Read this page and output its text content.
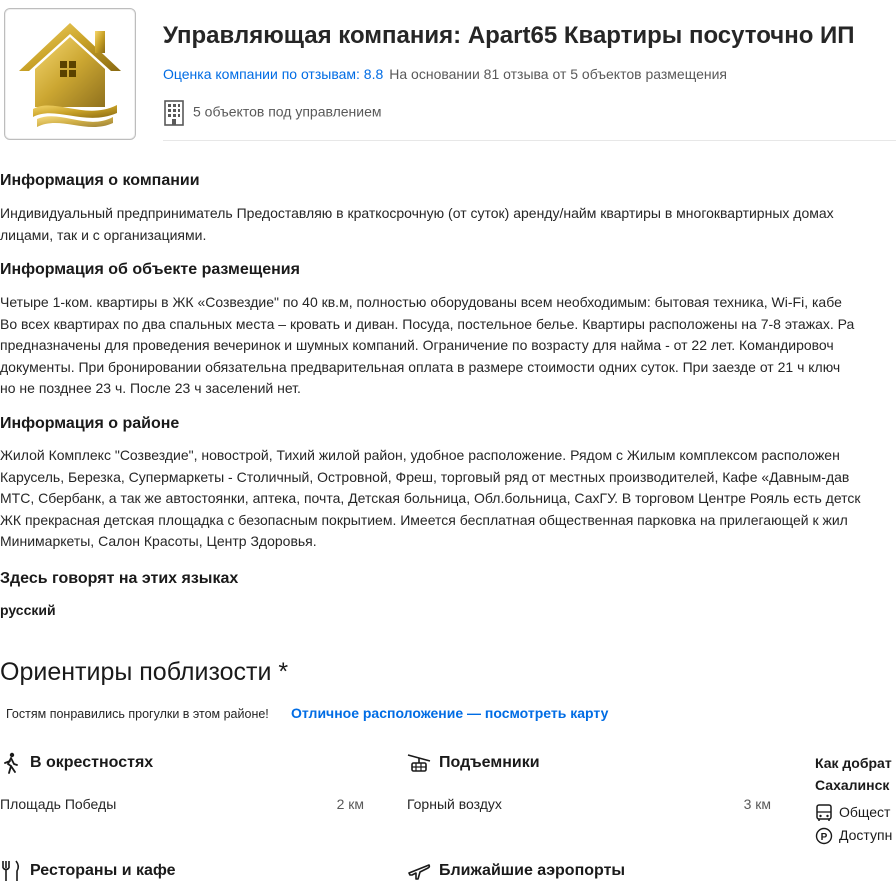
Управляющая компания: Apart65 Квартиры посуточно ИП
Оценка компании по отзывам: 8.8 На основании 81 отзыва от 5 объектов размещения
5 объектов под управлением
Информация о компании
Индивидуальный предприниматель Предоставляю в краткосрочную (от суток) аренду/найм квартиры в многоквартирных домах
лицами, так и с организациями.
Информация об объекте размещения
Четыре 1-ком. квартиры в ЖК «Созвездие" по 40 кв.м, полностью оборудованы всем необходимым: бытовая техника, Wi-Fi, кабе
Во всех квартирах по два спальных места – кровать и диван. Посуда, постельное белье. Квартиры расположены на 7-8 этажах. Ра
предназначены для проведения вечеринок и шумных компаний. Ограничение по возрасту для найма - от 22 лет. Командировоч
документы. При бронировании обязательна предварительная оплата в размере стоимости одних суток. При заезде от 21 ч ключ
но не позднее 23 ч. После 23 ч заселений нет.
Информация о районе
Жилой Комплекс "Созвездие", новострой, Тихий жилой район, удобное расположение. Рядом с Жилым комплексом расположен
Карусель, Березка, Супермаркеты - Столичный, Островной, Фреш, торговый ряд от местных производителей, Кафе «Давным-дав
МТС, Сбербанк, а так же автостоянки, аптека, почта, Детская больница, Обл.больница, СахГУ. В торговом Центре Рояль есть детск
ЖК прекрасная детская площадка с безопасным покрытием. Имеется бесплатная общественная парковка на прилегающей к жил
Минимаркеты, Салон Красоты, Центр Здоровья.
Здесь говорят на этих языках
русский
Ориентиры поблизости *
Гостям понравились прогулки в этом районе! Отличное расположение — посмотреть карту
В окрестностях
Площадь Победы	2 км
Подъемники
Горный воздух	3 км
Рестораны и кафе	Ближайшие аэропорты
Как добрат
Сахалинск
Общест
P Доступн
